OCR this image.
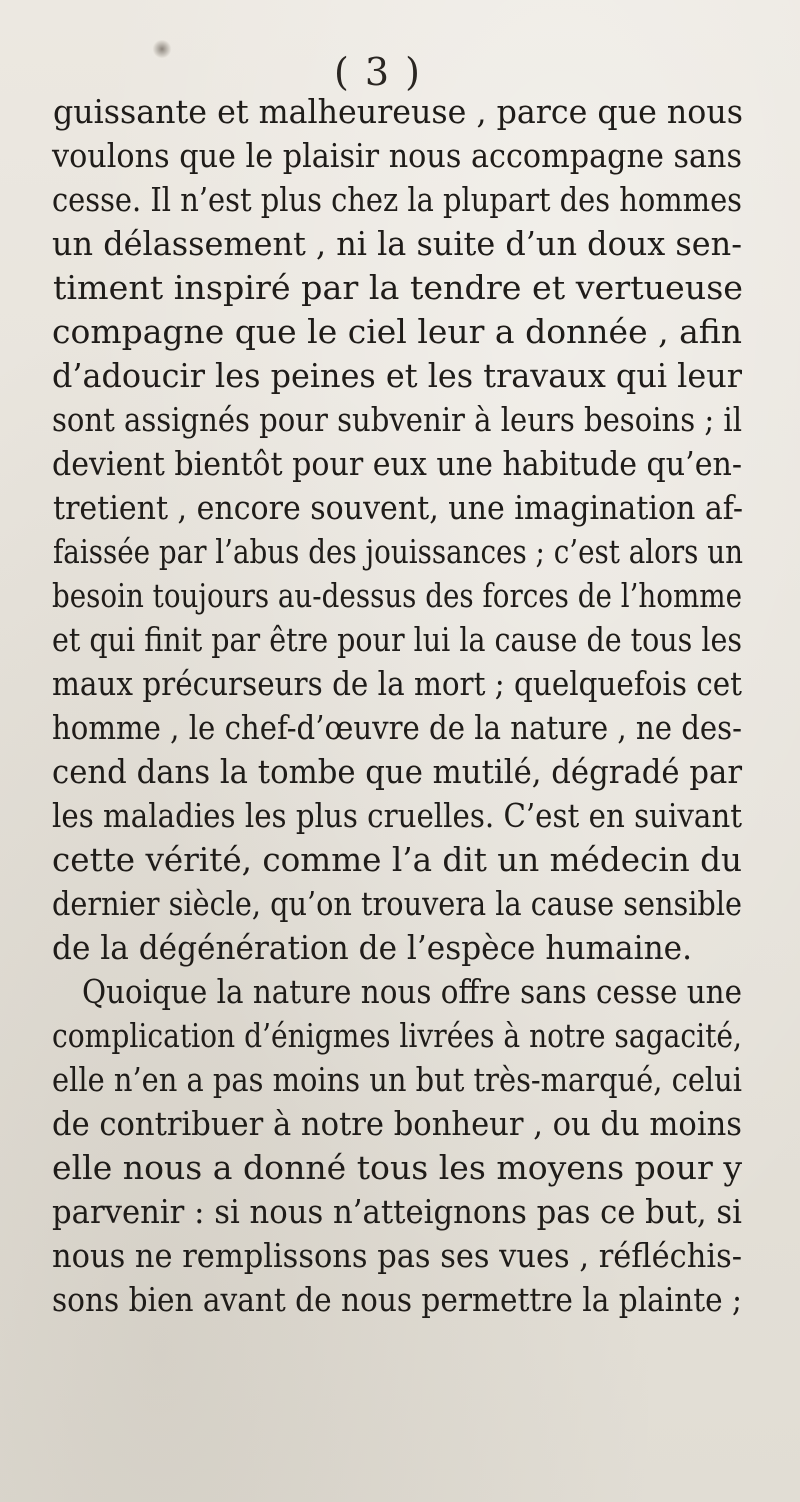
( 3 )
guissante et malheureuse , parce que nous
voulons que le plaisir nous accompagne sans
cesse. Il n’est plus chez la plupart des hommes
un délassement , ni la suite d’un doux sen-
timent inspiré par la tendre et vertueuse
compagne que le ciel leur a donnée , afin
d’adoucir les peines et les travaux qui leur
sont assignés pour subvenir à leurs besoins ; il
devient bientôt pour eux une habitude qu’en-
tretient , encore souvent, une imagination af-
faissée par l’abus des jouissances ; c’est alors un
besoin toujours au-dessus des forces de l’homme
et qui finit par être pour lui la cause de tous les
maux précurseurs de la mort ; quelquefois cet
homme , le chef-d’œuvre de la nature , ne des-
cend dans la tombe que mutilé, dégradé par
les maladies les plus cruelles. C’est en suivant
cette vérité, comme l’a dit un médecin du
dernier siècle, qu’on trouvera la cause sensible
de la dégénération de l’espèce humaine.
Quoique la nature nous offre sans cesse une
complication d’énigmes livrées à notre sagacité,
elle n’en a pas moins un but très-marqué, celui
de contribuer à notre bonheur , ou du moins
elle nous a donné tous les moyens pour y
parvenir : si nous n’atteignons pas ce but, si
nous ne remplissons pas ses vues , réfléchis-
sons bien avant de nous permettre la plainte ;
